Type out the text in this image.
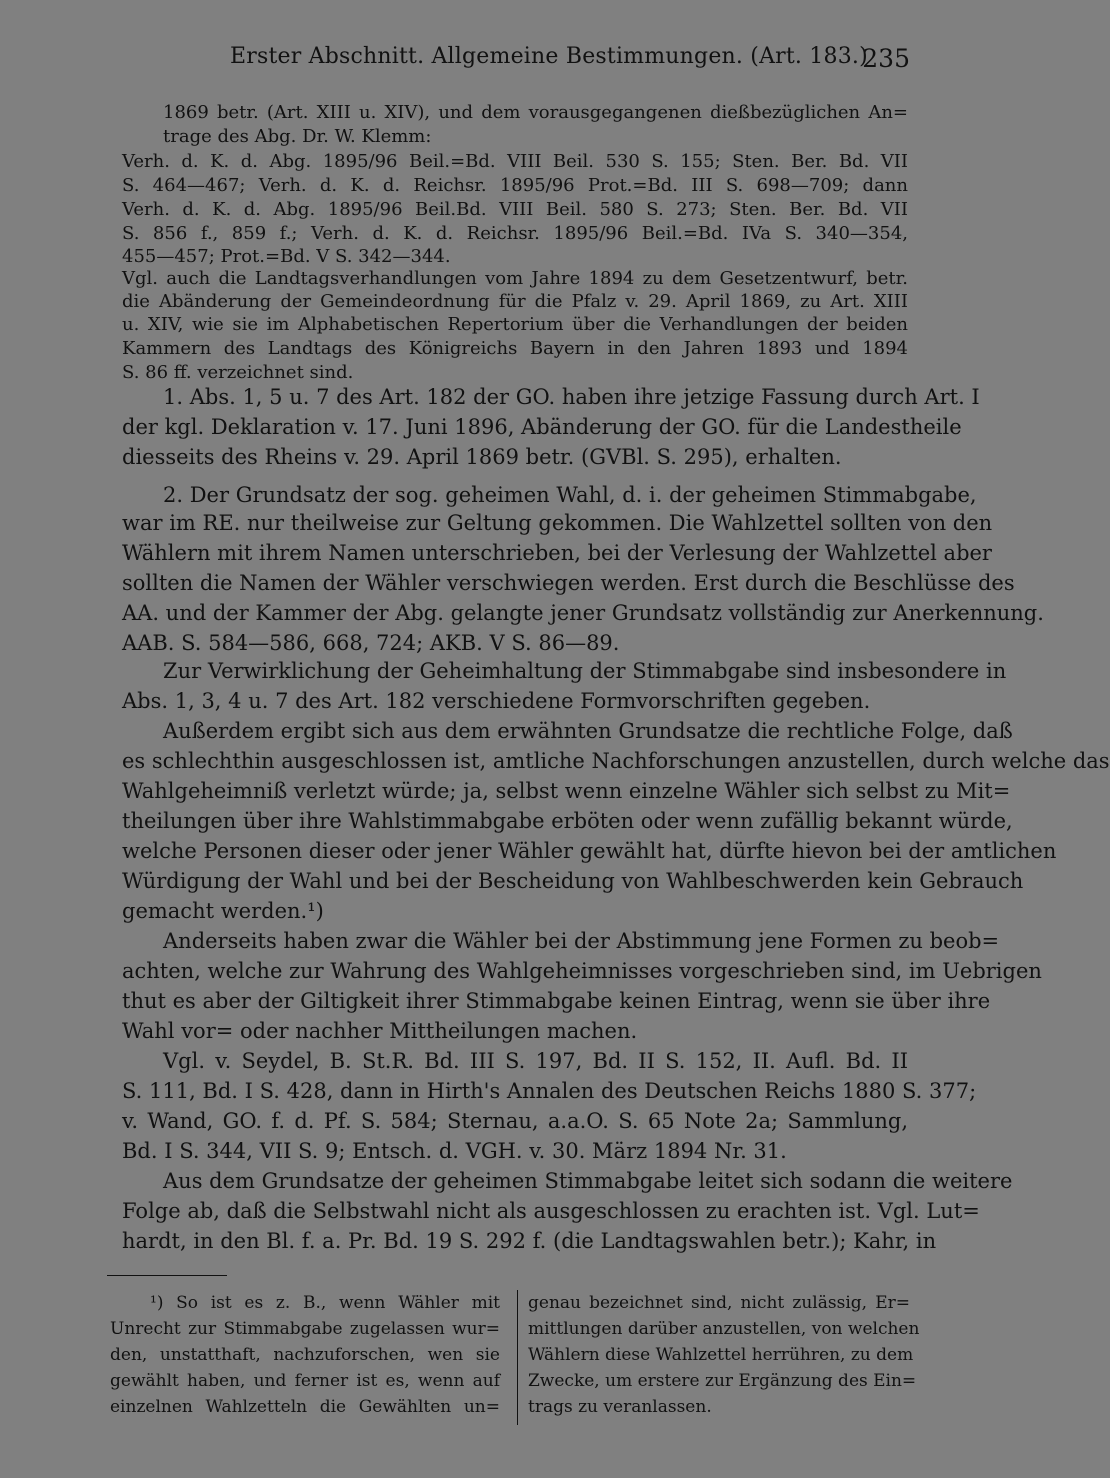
Erster Abschnitt. Allgemeine Bestimmungen. (Art. 183.)
235
1869 betr. (Art. XIII u. XIV), und dem vorausgegangenen dießbezüglichen An=
trage des Abg. Dr. W. Klemm:
Verh. d. K. d. Abg. 1895/96 Beil.=Bd. VIII Beil. 530 S. 155; Sten. Ber. Bd. VII
S. 464—467; Verh. d. K. d. Reichsr. 1895/96 Prot.=Bd. III S. 698—709; dann
Verh. d. K. d. Abg. 1895/96 Beil.Bd. VIII Beil. 580 S. 273; Sten. Ber. Bd. VII
S. 856 f., 859 f.; Verh. d. K. d. Reichsr. 1895/96 Beil.=Bd. IVa S. 340—354,
455—457; Prot.=Bd. V S. 342—344.
Vgl. auch die Landtagsverhandlungen vom Jahre 1894 zu dem Gesetzentwurf, betr.
die Abänderung der Gemeindeordnung für die Pfalz v. 29. April 1869, zu Art. XIII
u. XIV, wie sie im Alphabetischen Repertorium über die Verhandlungen der beiden
Kammern des Landtags des Königreichs Bayern in den Jahren 1893 und 1894
S. 86 ff. verzeichnet sind.
1. Abs. 1, 5 u. 7 des Art. 182 der GO. haben ihre jetzige Fassung durch Art. I
der kgl. Deklaration v. 17. Juni 1896, Abänderung der GO. für die Landestheile
diesseits des Rheins v. 29. April 1869 betr. (GVBl. S. 295), erhalten.
2. Der Grundsatz der sog. geheimen Wahl, d. i. der geheimen Stimmabgabe,
war im RE. nur theilweise zur Geltung gekommen. Die Wahlzettel sollten von den
Wählern mit ihrem Namen unterschrieben, bei der Verlesung der Wahlzettel aber
sollten die Namen der Wähler verschwiegen werden. Erst durch die Beschlüsse des
AA. und der Kammer der Abg. gelangte jener Grundsatz vollständig zur Anerkennung.
AAB. S. 584—586, 668, 724; AKB. V S. 86—89.
Zur Verwirklichung der Geheimhaltung der Stimmabgabe sind insbesondere in
Abs. 1, 3, 4 u. 7 des Art. 182 verschiedene Formvorschriften gegeben.
Außerdem ergibt sich aus dem erwähnten Grundsatze die rechtliche Folge, daß
es schlechthin ausgeschlossen ist, amtliche Nachforschungen anzustellen, durch welche das
Wahlgeheimniß verletzt würde; ja, selbst wenn einzelne Wähler sich selbst zu Mit=
theilungen über ihre Wahlstimmabgabe erböten oder wenn zufällig bekannt würde,
welche Personen dieser oder jener Wähler gewählt hat, dürfte hievon bei der amtlichen
Würdigung der Wahl und bei der Bescheidung von Wahlbeschwerden kein Gebrauch
gemacht werden.¹)
Anderseits haben zwar die Wähler bei der Abstimmung jene Formen zu beob=
achten, welche zur Wahrung des Wahlgeheimnisses vorgeschrieben sind, im Uebrigen
thut es aber der Giltigkeit ihrer Stimmabgabe keinen Eintrag, wenn sie über ihre
Wahl vor= oder nachher Mittheilungen machen.
Vgl. v. Seydel, B. St.R. Bd. III S. 197, Bd. II S. 152, II. Aufl. Bd. II
S. 111, Bd. I S. 428, dann in Hirth's Annalen des Deutschen Reichs 1880 S. 377;
v. Wand, GO. f. d. Pf. S. 584; Sternau, a.a.O. S. 65 Note 2a; Sammlung,
Bd. I S. 344, VII S. 9; Entsch. d. VGH. v. 30. März 1894 Nr. 31.
Aus dem Grundsatze der geheimen Stimmabgabe leitet sich sodann die weitere
Folge ab, daß die Selbstwahl nicht als ausgeschlossen zu erachten ist. Vgl. Lut=
hardt, in den Bl. f. a. Pr. Bd. 19 S. 292 f. (die Landtagswahlen betr.); Kahr, in
¹) So ist es z. B., wenn Wähler mit
Unrecht zur Stimmabgabe zugelassen wur=
den, unstatthaft, nachzuforschen, wen sie
gewählt haben, und ferner ist es, wenn auf
einzelnen Wahlzetteln die Gewählten un=
genau bezeichnet sind, nicht zulässig, Er=
mittlungen darüber anzustellen, von welchen
Wählern diese Wahlzettel herrühren, zu dem
Zwecke, um erstere zur Ergänzung des Ein=
trags zu veranlassen.
